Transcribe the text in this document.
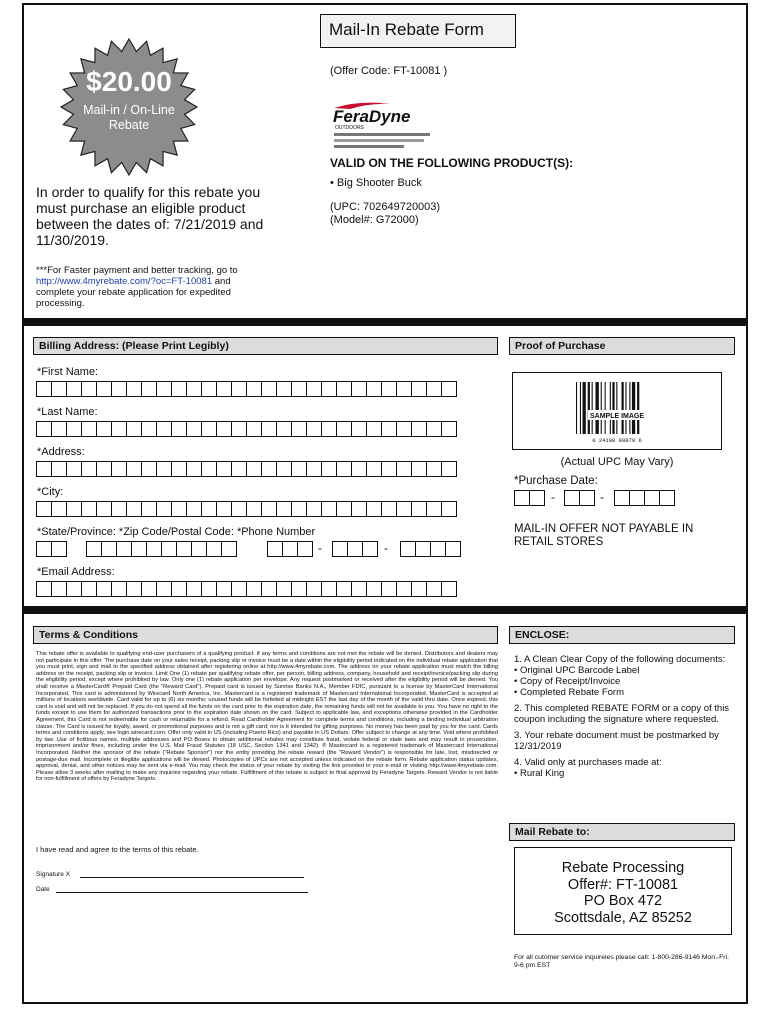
Mail-In Rebate Form
$20.00
Mail-in / On-Line
Rebate
In order to qualify for this rebate you must purchase an eligible product between the dates of: 7/21/2019 and 11/30/2019.
***For Faster payment and better tracking, go to http://www.4myrebate.com/?oc=FT-10081 and complete your rebate application for expedited processing.
(Offer Code: FT-10081 )
FeraDyne
OUTDOORS
VALID ON THE FOLLOWING PRODUCT(S):
• Big Shooter Buck
(UPC: 702649720003)
(Model#: G72000)
Billing Address: (Please Print Legibly)
*First Name:
*Last Name:
*Address:
*City:
*State/Province: *Zip Code/Postal Code: *Phone Number
-	-
*Email Address:
Proof of Purchase
SAMPLE IMAGE
0 24100 88879 6
(Actual UPC May Vary)
*Purchase Date:
-	-
MAIL-IN OFFER NOT PAYABLE IN RETAIL STORES
Terms & Conditions
This rebate offer is available to qualifying end-user purchasers of a qualifying product. If any terms and conditions are not met the rebate will be denied. Distributors and dealers may not participate in this offer. The purchase date on your sales receipt, packing slip or invoice must be a date within the eligibility period indicated on the individual rebate application that you must print, sign and mail to the specified address obtained after registering online at http://www.4myrebate.com. The address on your rebate application must match the billing address on the receipt, packing slip or invoice. Limit One (1) rebate per qualifying rebate offer, per person, billing address, company, household and receipt/invoice/packing slip during the eligibility period, except where prohibited by law. Only one (1) rebate application per envelope. Any request postmarked or received after the eligibility period will be denied. You shall receive a MasterCard® Prepaid Card (the "Reward Card"). Prepaid card is issued by Sunrise Banks N.A., Member FDIC, pursuant to a license by MasterCard International Incorporated. This card is administered by Wirecard North America, Inc. Mastercard is a registered trademark of Mastercard International Incorporated. MasterCard is accepted at millions of locations worldwide. Card valid for up to (6) six months; unused funds will be forfeited at midnight EST the last day of the month of the valid thru date. Once expired, this card is void and will not be replaced. If you do not spend all the funds on the card prior to the expiration date, the remaining funds will not be available to you. You have no right to the funds except to use them for authorized transactions prior to the expiration date shown on the card. Subject to applicable law, and exceptions otherwise provided in the Cardholder Agreement, this Card is not redeemable for cash or returnable for a refund. Read Cardholder Agreement for complete terms and conditions, including a binding individual arbitration clause. The Card is issued for loyalty, award, or promotional purposes and is not a gift card; nor is it intended for gifting purposes. No money has been paid by you for the card. Cards terms and conditions apply, see login.wirecard.com. Offer only valid in US (including Puerto Rico) and payable in US Dollars. Offer subject to change at any time. Void where prohibited by law. Use of fictitious names, multiple addresses and PO Boxes to obtain additional rebates may constitute fraud, violate federal or state laws and may result in prosecution, imprisonment and/or fines, including under the U.S. Mail Fraud Statutes (18 USC, Section 1341 and 1342). ® Mastercard is a registered trademark of Mastercard International Incorporated. Neither the sponsor of the rebate ("Rebate Sponsor") nor the entity providing the rebate reward (the "Reward Vendor") is responsible for late, lost, misdirected or postage-due mail. Incomplete or illegible applications will be denied. Photocopies of UPCs are not accepted unless indicated on the rebate form. Rebate application status updates, approval, denial, and other notices may be sent via e-mail. You may check the status of your rebate by visiting the link provided in your e-mail or visiting http://www.4myrebate.com. Please allow 3 weeks after mailing to make any inquiries regarding your rebate. Fulfillment of this rebate is subject to final approval by Feradyne Targets. Reward Vendor is not liable for non-fulfillment of offers by Feradyne Targets.
I have read and agree to the terms of this rebate.
Signature X
Date
ENCLOSE:
1. A Clean Clear Copy of the following documents:
• Original UPC Barcode Label
• Copy of Receipt/Invoice
• Completed Rebate Form

2. This completed REBATE FORM or a copy of this coupon including the signature where requested.

3. Your rebate document must be postmarked by 12/31/2019

4. Valid only at purchases made at:
• Rural King
Mail Rebate to:
Rebate Processing
Offer#: FT-10081
PO Box 472
Scottsdale, AZ 85252
For all cutomer service inquireies please call: 1-800-286-9146 Mon.-Fri. 9-6 pm EST
